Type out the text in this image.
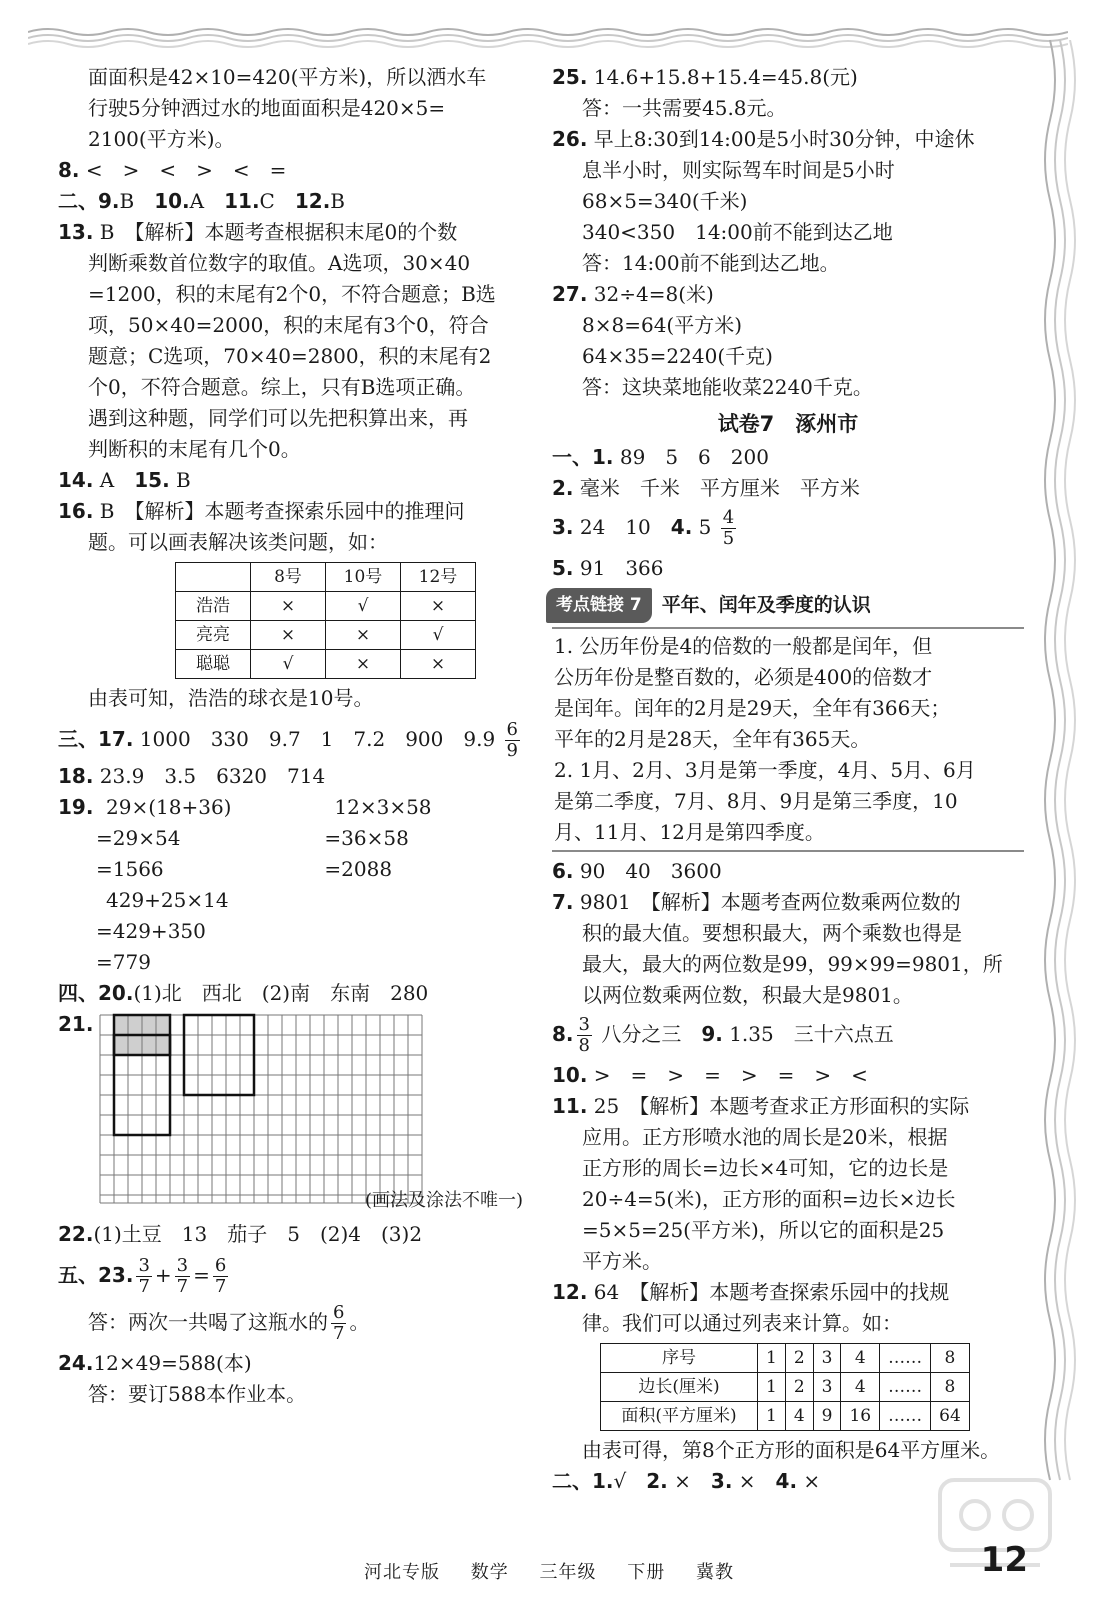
面面积是42×10=420(平方米)，所以洒水车
行驶5分钟洒过水的地面面积是420×5=
2100(平方米)。
8. <　>　<　>　<　=
二、9.B　10.A　11.C　12.B
13. B　【解析】本题考查根据积末尾0的个数
判断乘数首位数字的取值。A选项，30×40
=1200，积的末尾有2个0，不符合题意；B选
项，50×40=2000，积的末尾有3个0，符合
题意；C选项，70×40=2800，积的末尾有2
个0，不符合题意。综上，只有B选项正确。
遇到这种题，同学们可以先把积算出来，再
判断积的末尾有几个0。
14. A　15. B
16. B　【解析】本题考查探索乐园中的推理问
题。可以画表解决该类问题，如：
	8号	10号	12号
浩浩	×	√	×
亮亮	×	×	√
聪聪	√	×	×
由表可知，浩浩的球衣是10号。
三、17. 1000　330　9.7　1　7.2　900　$9.9 \frac{6}{9}$
18. 23.9　3.5　6320　714
19. 29×(18+36)
=29×54
=1566
12×3×58
=36×58
=2088
429+25×14
=429+350
=779
四、20.(1)北　西北　(2)南　东南　280
21.
(画法及涂法不唯一)
22.(1)土豆　13　茄子　5　(2)4　(3)2
五、23. $\frac{3}{7} + \frac{3}{7} = \frac{6}{7}$
答：两次一共喝了这瓶水的 $\frac{6}{7}$ 。
24.12×49=588(本)
答：要订588本作业本。
25. 14.6+15.8+15.4=45.8(元)
答：一共需要45.8元。
26. 早上8:30到14:00是5小时30分钟，中途休
息半小时，则实际驾车时间是5小时
68×5=340(千米)
340<350　14:00前不能到达乙地
答：14:00前不能到达乙地。
27. 32÷4=8(米)
8×8=64(平方米)
64×35=2240(千克)
答：这块菜地能收菜2240千克。
试卷7　涿州市
一、1. 89　5　6　200
2. 毫米　千米　平方厘米　平方米
3. 24　10　4. $5 \frac{4}{5}$
5. 91　366
考点链接 7	平年、闰年及季度的认识
1. 公历年份是4的倍数的一般都是闰年，但
公历年份是整百数的，必须是400的倍数才
是闰年。闰年的2月是29天，全年有366天；
平年的2月是28天，全年有365天。
2. 1月、2月、3月是第一季度，4月、5月、6月
是第二季度，7月、8月、9月是第三季度，10
月、11月、12月是第四季度。
6. 90　40　3600
7. 9801　【解析】本题考查两位数乘两位数的
积的最大值。要想积最大，两个乘数也得是
最大，最大的两位数是99，99×99=9801，所
以两位数乘两位数，积最大是9801。
8. $\frac{3}{8}$ 八分之三　9. 1.35　三十六点五
10. >　=　>　=　>　=　>　<
11. 25　【解析】本题考查求正方形面积的实际
应用。正方形喷水池的周长是20米，根据
正方形的周长=边长×4可知，它的边长是
20÷4=5(米)，正方形的面积=边长×边长
=5×5=25(平方米)，所以它的面积是25
平方米。
12. 64　【解析】本题考查探索乐园中的找规
律。我们可以通过列表来计算。如：
序号	1	2	3	4	……	8
边长(厘米)	1	2	3	4	……	8
面积(平方厘米)	1	4	9	16	……	64
由表可得，第8个正方形的面积是64平方厘米。
二、1.√　2. ×　3. ×　4. ×
河北专版 数学 三年级 下册 冀教	12
